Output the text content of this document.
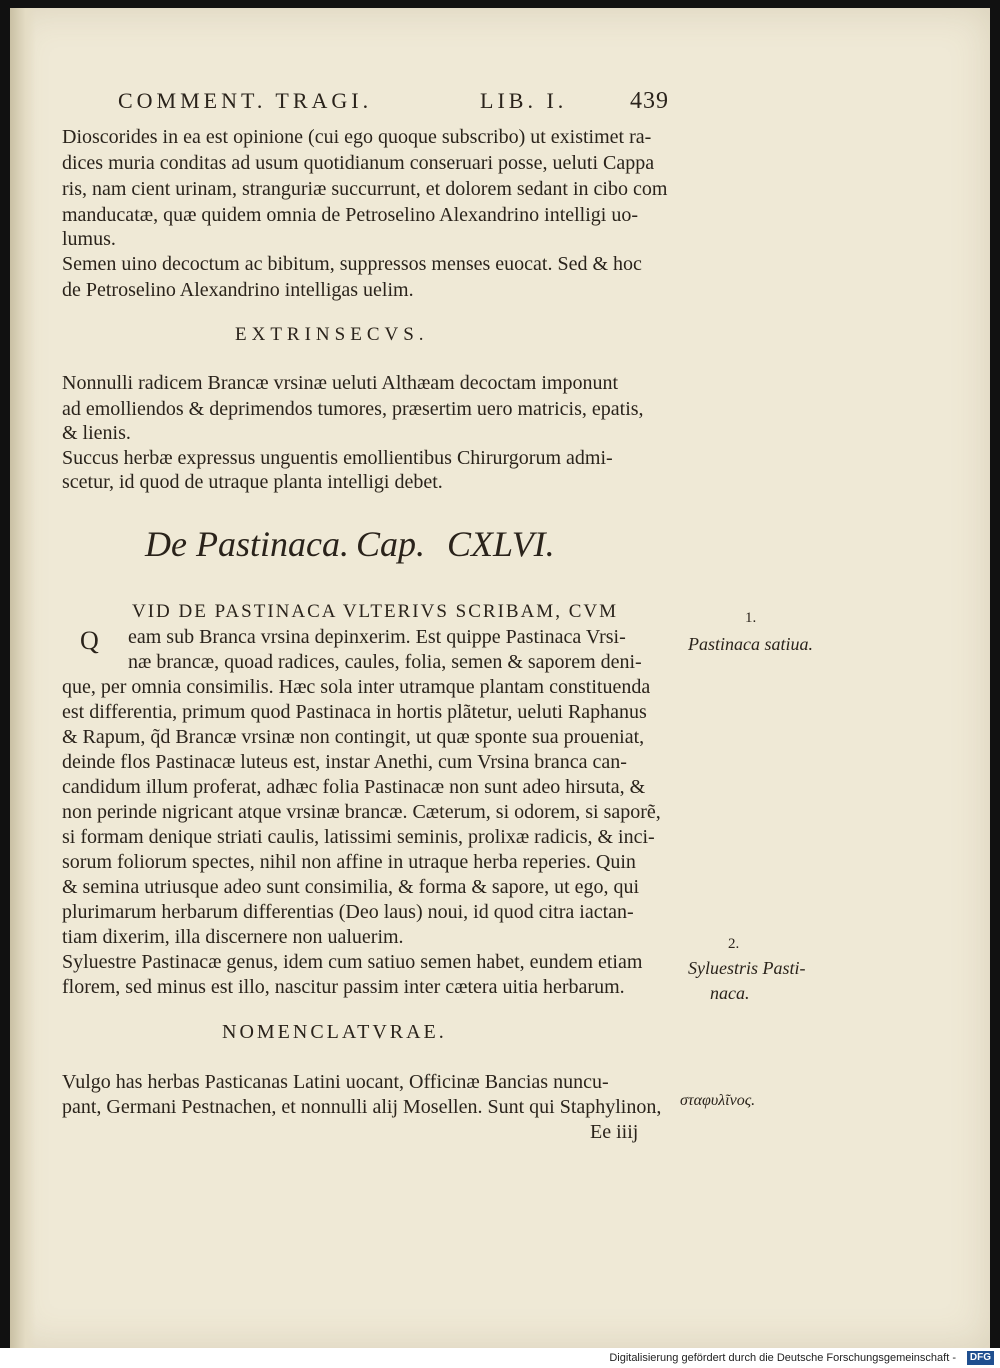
COMMENT. TRAGI.	LIB. I.	439
Dioscorides in ea est opinione (cui ego quoque subscribo) ut existimet ra-
dices muria conditas ad usum quotidianum conseruari posse, ueluti Cappa
ris, nam cient urinam, stranguriæ succurrunt, et dolorem sedant in cibo com
manducatæ, quæ quidem omnia de Petroselino Alexandrino intelligi uo-
lumus.
Semen uino decoctum ac bibitum, suppressos menses euocat. Sed & hoc
de Petroselino Alexandrino intelligas uelim.
EXTRINSECVS.
Nonnulli radicem Brancæ vrsinæ ueluti Althæam decoctam imponunt
ad emolliendos & deprimendos tumores, præsertim uero matricis, epatis,
& lienis.
Succus herbæ expressus unguentis emollientibus Chirurgorum admi-
scetur, id quod de utraque planta intelligi debet.
De Pastinaca. Cap. CXLVI.
Q
VID DE PASTINACA VLTERIVS SCRIBAM, CVM
eam sub Branca vrsina depinxerim. Est quippe Pastinaca Vrsi-
næ brancæ, quoad radices, caules, folia, semen & saporem deni-
que, per omnia consimilis. Hæc sola inter utramque plantam constituenda
est differentia, primum quod Pastinaca in hortis plãtetur, ueluti Raphanus
& Rapum, q̃d Brancæ vrsinæ non contingit, ut quæ sponte sua proueniat,
deinde flos Pastinacæ luteus est, instar Anethi, cum Vrsina branca can-
candidum illum proferat, adhæc folia Pastinacæ non sunt adeo hirsuta, &
non perinde nigricant atque vrsinæ brancæ. Cæterum, si odorem, si saporẽ,
si formam denique striati caulis, latissimi seminis, prolixæ radicis, & inci-
sorum foliorum spectes, nihil non affine in utraque herba reperies. Quin
& semina utriusque adeo sunt consimilia, & forma & sapore, ut ego, qui
plurimarum herbarum differentias (Deo laus) noui, id quod citra iactan-
tiam dixerim, illa discernere non ualuerim.
Syluestre Pastinacæ genus, idem cum satiuo semen habet, eundem etiam
florem, sed minus est illo, nascitur passim inter cætera uitia herbarum.
NOMENCLATVRAE.
Vulgo has herbas Pasticanas Latini uocant, Officinæ Bancias nuncu-
pant, Germani Pestnachen, et nonnulli alij Mosellen. Sunt qui Staphylinon,
Ee iiij
1.
Pastinaca satiua.
2.
Syluestris Pasti-
naca.
σταφυλῖνος.
Digitalisierung gefördert durch die Deutsche Forschungsgemeinschaft -	DFG
